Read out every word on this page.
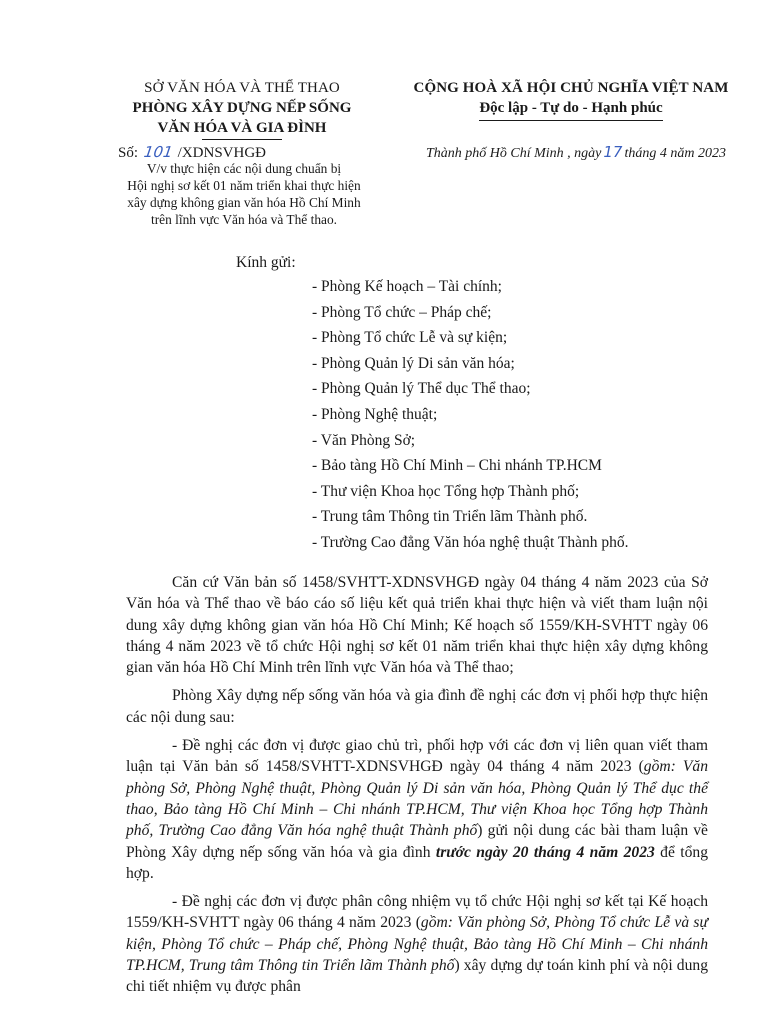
SỞ VĂN HÓA VÀ THỂ THAO
PHÒNG XÂY DỰNG NẾP SỐNG
VĂN HÓA VÀ GIA ĐÌNH
Số: 101 /XDNSVHGĐ
V/v thực hiện các nội dung chuẩn bị
Hội nghị sơ kết 01 năm triển khai thực hiện
xây dựng không gian văn hóa Hồ Chí Minh
trên lĩnh vực Văn hóa và Thể thao.
CỘNG HOÀ XÃ HỘI CHỦ NGHĨA VIỆT NAM
Độc lập - Tự do - Hạnh phúc
Thành phố Hồ Chí Minh , ngày 17 tháng 4 năm 2023
Kính gửi:
- Phòng Kế hoạch – Tài chính;
- Phòng Tổ chức – Pháp chế;
- Phòng Tổ chức Lễ và sự kiện;
- Phòng Quản lý Di sản văn hóa;
- Phòng Quản lý Thể dục Thể thao;
- Phòng Nghệ thuật;
- Văn Phòng Sở;
- Bảo tàng Hồ Chí Minh – Chi nhánh TP.HCM
- Thư viện Khoa học Tổng hợp Thành phố;
- Trung tâm Thông tin Triển lãm Thành phố.
- Trường Cao đẳng Văn hóa nghệ thuật Thành phố.

Căn cứ Văn bản số 1458/SVHTT-XDNSVHGĐ ngày 04 tháng 4 năm 2023 của Sở Văn hóa và Thể thao về báo cáo số liệu kết quả triển khai thực hiện và viết tham luận nội dung xây dựng không gian văn hóa Hồ Chí Minh; Kế hoạch số 1559/KH-SVHTT ngày 06 tháng 4 năm 2023 về tổ chức Hội nghị sơ kết 01 năm triển khai thực hiện xây dựng không gian văn hóa Hồ Chí Minh trên lĩnh vực Văn hóa và Thể thao;

Phòng Xây dựng nếp sống văn hóa và gia đình đề nghị các đơn vị phối hợp thực hiện các nội dung sau:

- Đề nghị các đơn vị được giao chủ trì, phối hợp với các đơn vị liên quan viết tham luận tại Văn bản số 1458/SVHTT-XDNSVHGĐ ngày 04 tháng 4 năm 2023 (gồm: Văn phòng Sở, Phòng Nghệ thuật, Phòng Quản lý Di sản văn hóa, Phòng Quản lý Thể dục thể thao, Bảo tàng Hồ Chí Minh – Chi nhánh TP.HCM, Thư viện Khoa học Tổng hợp Thành phố, Trường Cao đẳng Văn hóa nghệ thuật Thành phố) gửi nội dung các bài tham luận về Phòng Xây dựng nếp sống văn hóa và gia đình trước ngày 20 tháng 4 năm 2023 để tổng hợp.

- Đề nghị các đơn vị được phân công nhiệm vụ tổ chức Hội nghị sơ kết tại Kế hoạch 1559/KH-SVHTT ngày 06 tháng 4 năm 2023 (gồm: Văn phòng Sở, Phòng Tổ chức Lễ và sự kiện, Phòng Tổ chức – Pháp chế, Phòng Nghệ thuật, Bảo tàng Hồ Chí Minh – Chi nhánh TP.HCM, Trung tâm Thông tin Triển lãm Thành phố) xây dựng dự toán kinh phí và nội dung chi tiết nhiệm vụ được phân
